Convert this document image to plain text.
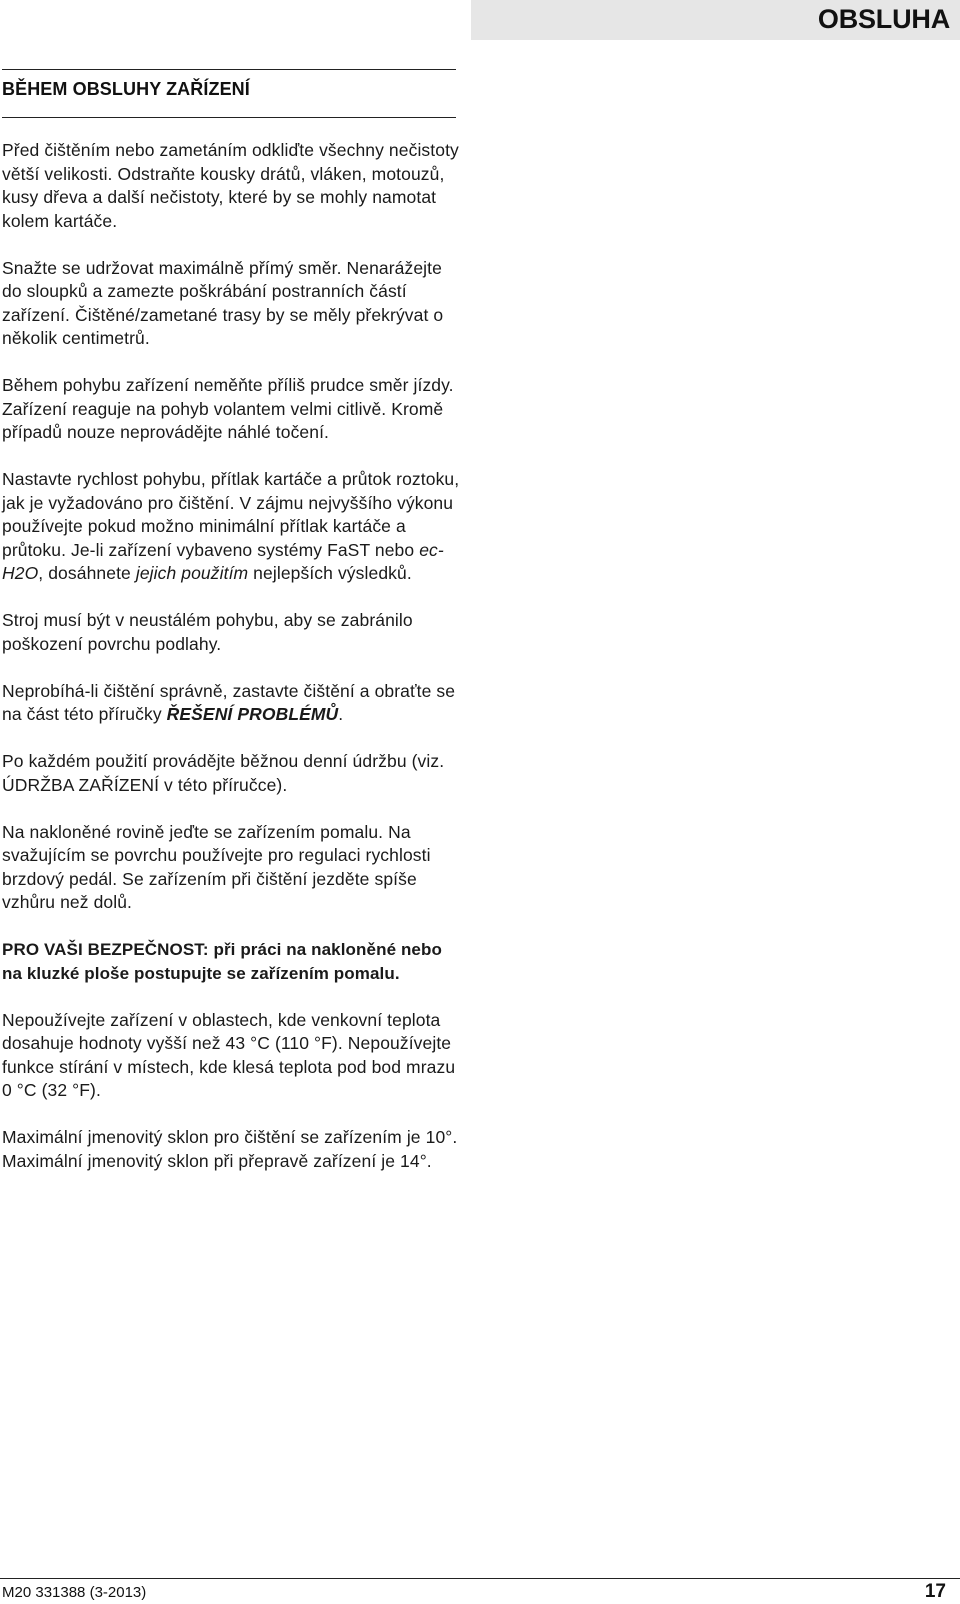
OBSLUHA
BĚHEM OBSLUHY ZAŘÍZENÍ

Před čištěním nebo zametáním odkliďte všechny nečistoty větší velikosti. Odstraňte kousky drátů, vláken, motouzů, kusy dřeva a další nečistoty, které by se mohly namotat kolem kartáče.

Snažte se udržovat maximálně přímý směr. Nenarážejte do sloupků a zamezte poškrábání postranních částí zařízení. Čištěné/zametané trasy by se měly překrývat o několik centimetrů.

Během pohybu zařízení neměňte příliš prudce směr jízdy. Zařízení reaguje na pohyb volantem velmi citlivě. Kromě případů nouze neprovádějte náhlé točení.

Nastavte rychlost pohybu, přítlak kartáče a průtok roztoku, jak je vyžadováno pro čištění. V zájmu nejvyššího výkonu používejte pokud možno minimální přítlak kartáče a průtoku. Je-li zařízení vybaveno systémy FaST nebo ec-H2O, dosáhnete jejich použitím nejlepších výsledků.

Stroj musí být v neustálém pohybu, aby se zabránilo poškození povrchu podlahy.

Neprobíhá-li čištění správně, zastavte čištění a obraťte se na část této příručky ŘEŠENÍ PROBLÉMŮ.

Po každém použití provádějte běžnou denní údržbu (viz. ÚDRŽBA ZAŘÍZENÍ v této příručce).

Na nakloněné rovině jeďte se zařízením pomalu. Na svažujícím se povrchu používejte pro regulaci rychlosti brzdový pedál. Se zařízením při čištění jezděte spíše vzhůru než dolů.

PRO VAŠI BEZPEČNOST: při práci na nakloněné nebo na kluzké ploše postupujte se zařízením pomalu.

Nepoužívejte zařízení v oblastech, kde venkovní teplota dosahuje hodnoty vyšší než 43 °C (110 °F). Nepoužívejte funkce stírání v místech, kde klesá teplota pod bod mrazu 0 °C (32 °F).

Maximální jmenovitý sklon pro čištění se zařízením je 10°. Maximální jmenovitý sklon při přepravě zařízení je 14°.

M20 331388 (3-2013)	17
